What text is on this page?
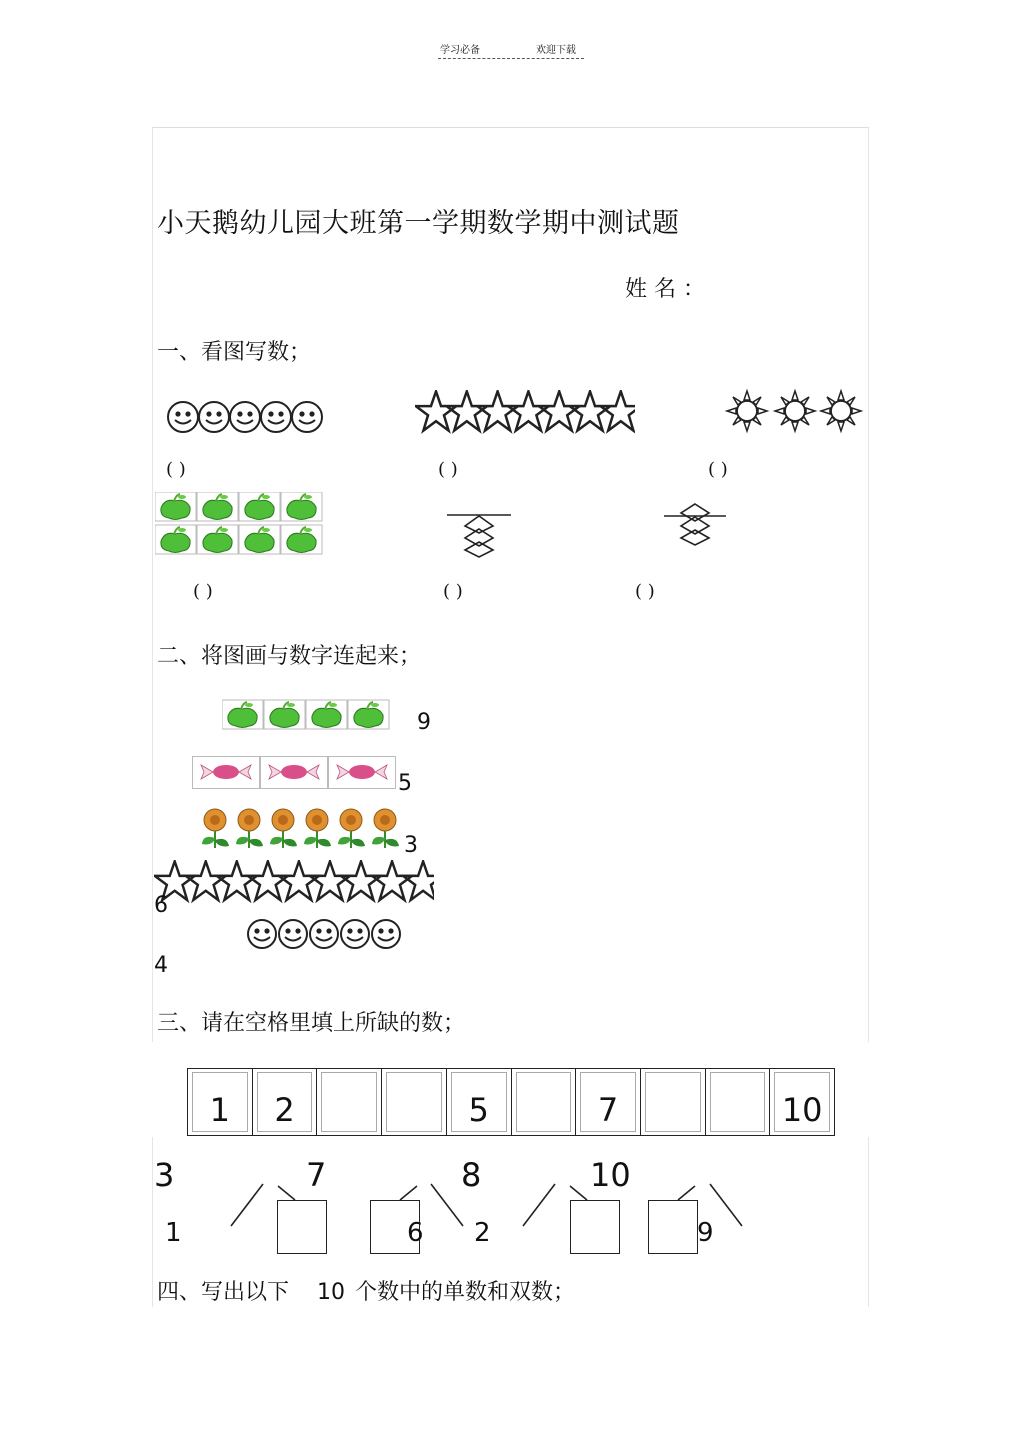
学习必备	欢迎下载
小天鹅幼儿园大班第一学期数学期中测试题
姓 名 ：
一、看图写数；
( )	( )	( )
( )	( )	( )
二、将图画与数字连起来；
9
5
3
6
4
三、请在空格里填上所缺的数；
1	2	5	7	10
3	7	8	10
1	6 2	9
四、写出以下 10 个数中的单数和双数；
